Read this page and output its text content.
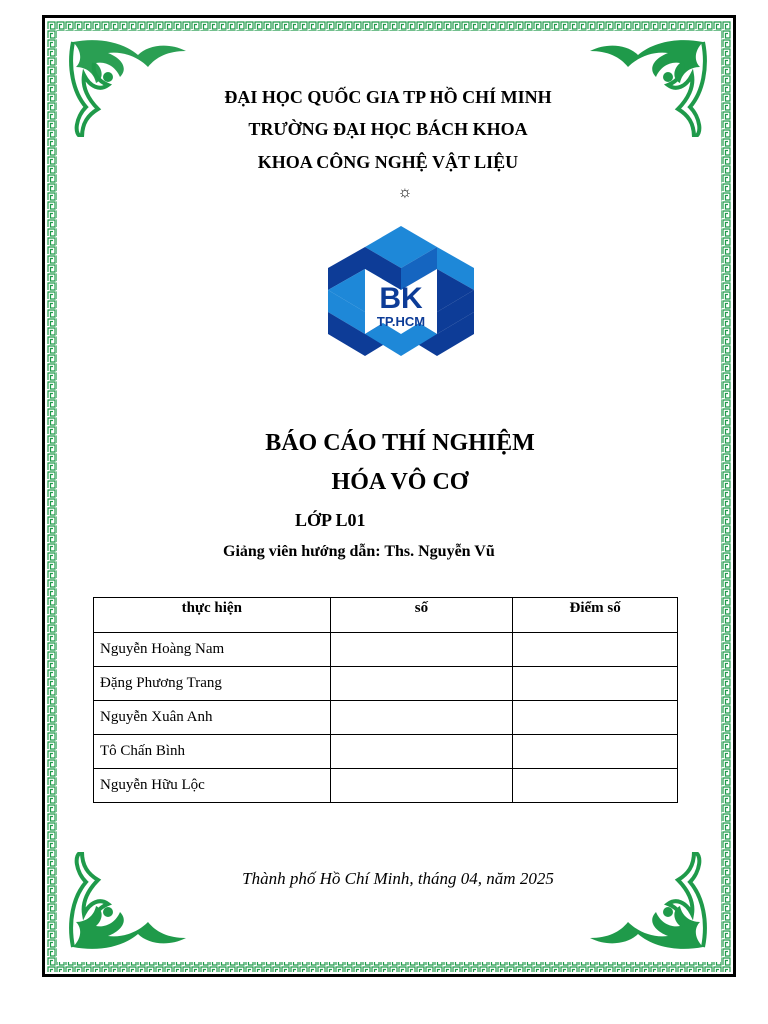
ĐẠI HỌC QUỐC GIA TP HỒ CHÍ MINH
TRƯỜNG ĐẠI HỌC BÁCH KHOA
KHOA CÔNG NGHỆ VẬT LIỆU
☼
BK
TP.HCM
BÁO CÁO THÍ NGHIỆM
HÓA VÔ CƠ
LỚP L01
Giảng viên hướng dẫn: Ths. Nguyễn Vũ
thực hiện	số	Điểm số
Nguyễn Hoàng Nam		
Đặng Phương Trang		
Nguyễn Xuân Anh		
Tô Chấn Bình		
Nguyễn Hữu Lộc		
Thành phố Hồ Chí Minh, tháng 04, năm 2025
